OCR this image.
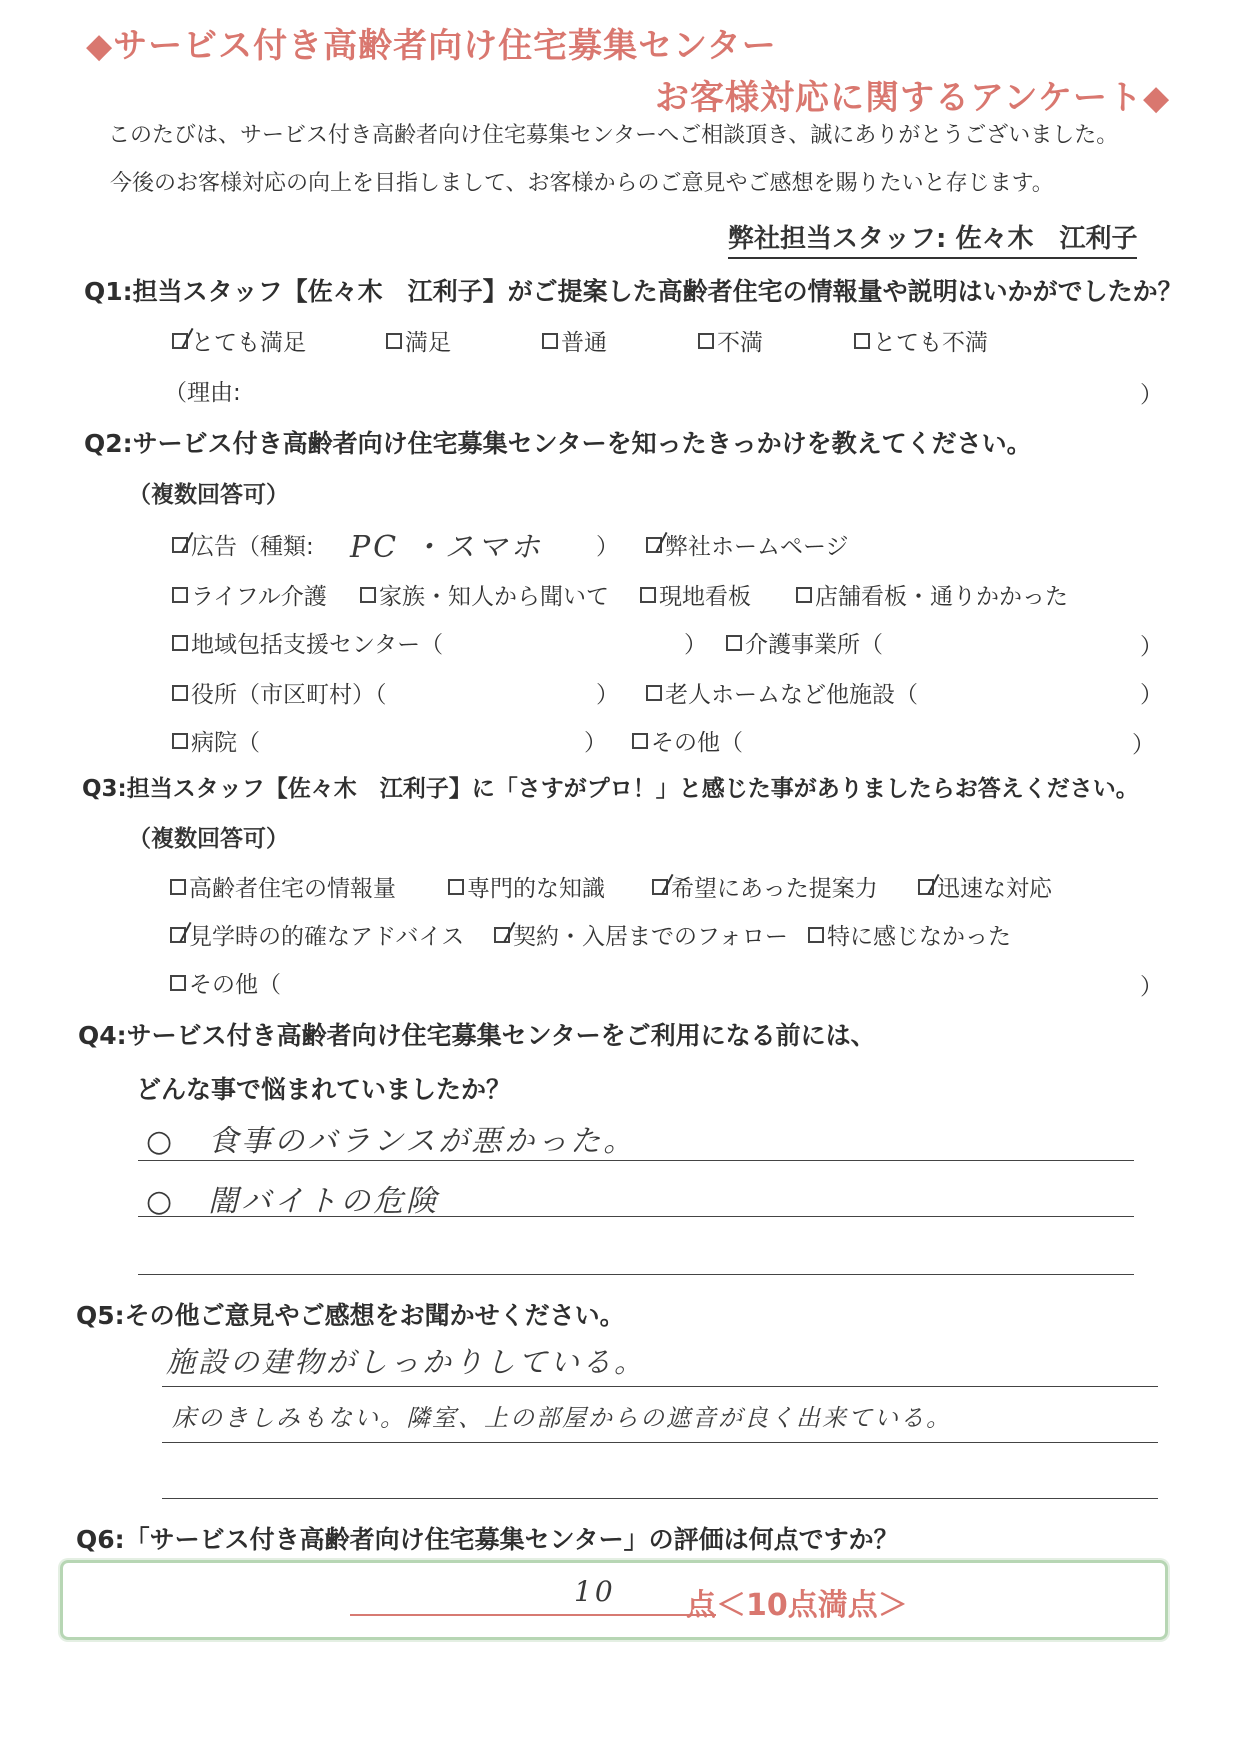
◆サービス付き高齢者向け住宅募集センター
お客様対応に関するアンケート◆
このたびは、サービス付き高齢者向け住宅募集センターへご相談頂き、誠にありがとうございました。
今後のお客様対応の向上を目指しまして、お客様からのご意見やご感想を賜りたいと存じます。
弊社担当スタッフ: 佐々木　江利子
Q1:担当スタッフ【佐々木　江利子】がご提案した高齢者住宅の情報量や説明はいかがでしたか？
とても満足	満足	普通	不満	とても不満
（理由:	）
Q2:サービス付き高齢者向け住宅募集センターを知ったきっかけを教えてください。
（複数回答可）
広告（種類: PC ・スマホ ） 弊社ホームページ
ライフル介護 家族・知人から聞いて 現地看板	店舗看板・通りかかった
地域包括支援センター（	） 介護事業所（	）
役所（市区町村）（	） 老人ホームなど他施設（	）
病院（	） その他（	）
Q3:担当スタッフ【佐々木　江利子】に「さすがプロ！」と感じた事がありましたらお答えください。
（複数回答可）
高齢者住宅の情報量	専門的な知識	希望にあった提案力	迅速な対応
見学時の的確なアドバイス 契約・入居までのフォロー 特に感じなかった
その他（	）
Q4:サービス付き高齢者向け住宅募集センターをご利用になる前には、
どんな事で悩まれていましたか？
○　食事のバランスが悪かった。
○　闇バイトの危険
Q5:その他ご意見やご感想をお聞かせください。
施設の建物がしっかりしている。
床のきしみもない。隣室、上の部屋からの遮音が良く出来ている。
Q6:「サービス付き高齢者向け住宅募集センター」の評価は何点ですか？
10 点＜10点満点＞
